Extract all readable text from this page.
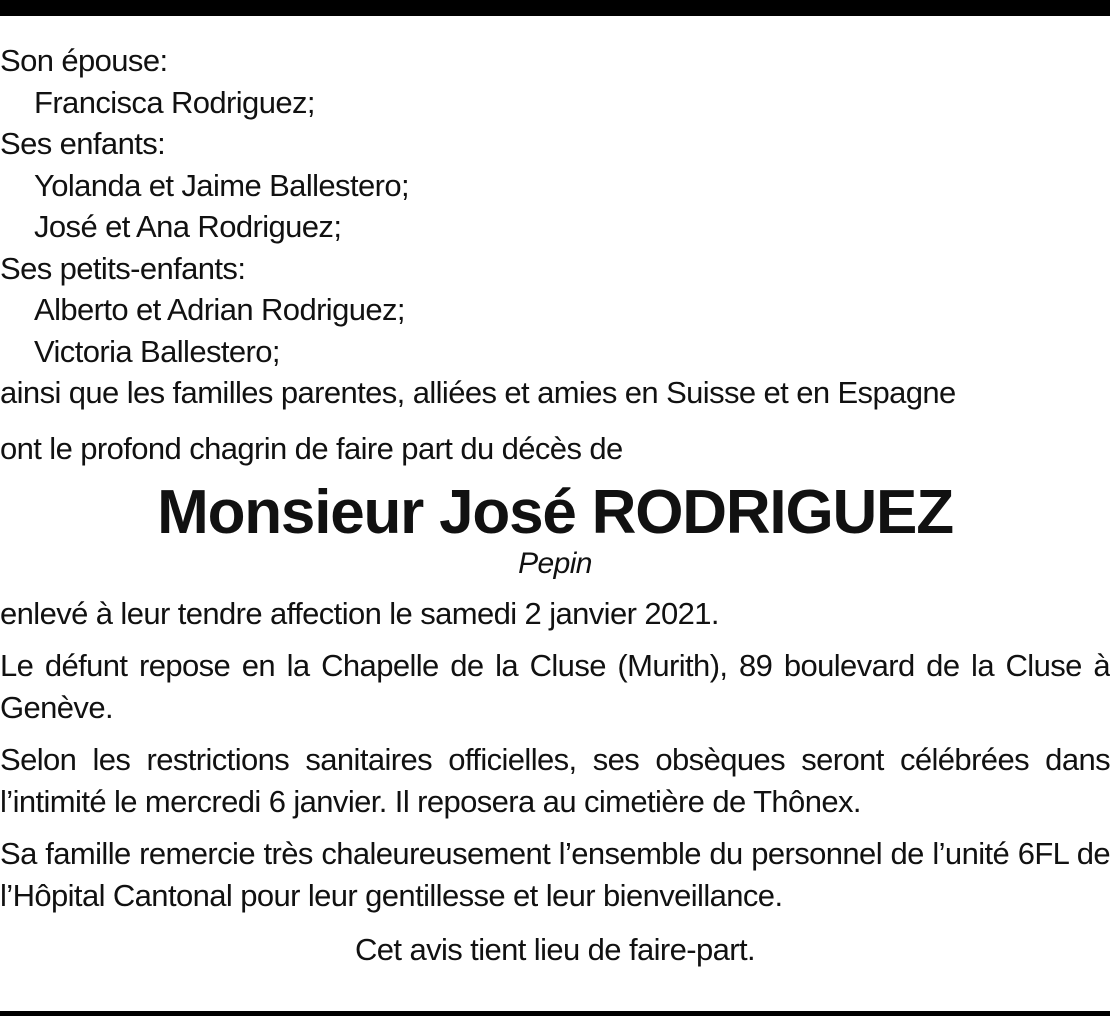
Son épouse:
Francisca Rodriguez;
Ses enfants:
Yolanda et Jaime Ballestero;
José et Ana Rodriguez;
Ses petits-enfants:
Alberto et Adrian Rodriguez;
Victoria Ballestero;
ainsi que les familles parentes, alliées et amies en Suisse et en Espagne
ont le profond chagrin de faire part du décès de
Monsieur José RODRIGUEZ
Pepin
enlevé à leur tendre affection le samedi 2 janvier 2021.
Le défunt repose en la Chapelle de la Cluse (Murith), 89 boulevard de la Cluse à Genève.
Selon les restrictions sanitaires officielles, ses obsèques seront célébrées dans l’intimité le mercredi 6 janvier. Il reposera au cimetière de Thônex.
Sa famille remercie très chaleureusement l’ensemble du personnel de l’unité 6FL de l’Hôpital Cantonal pour leur gentillesse et leur bienveillance.
Cet avis tient lieu de faire-part.
